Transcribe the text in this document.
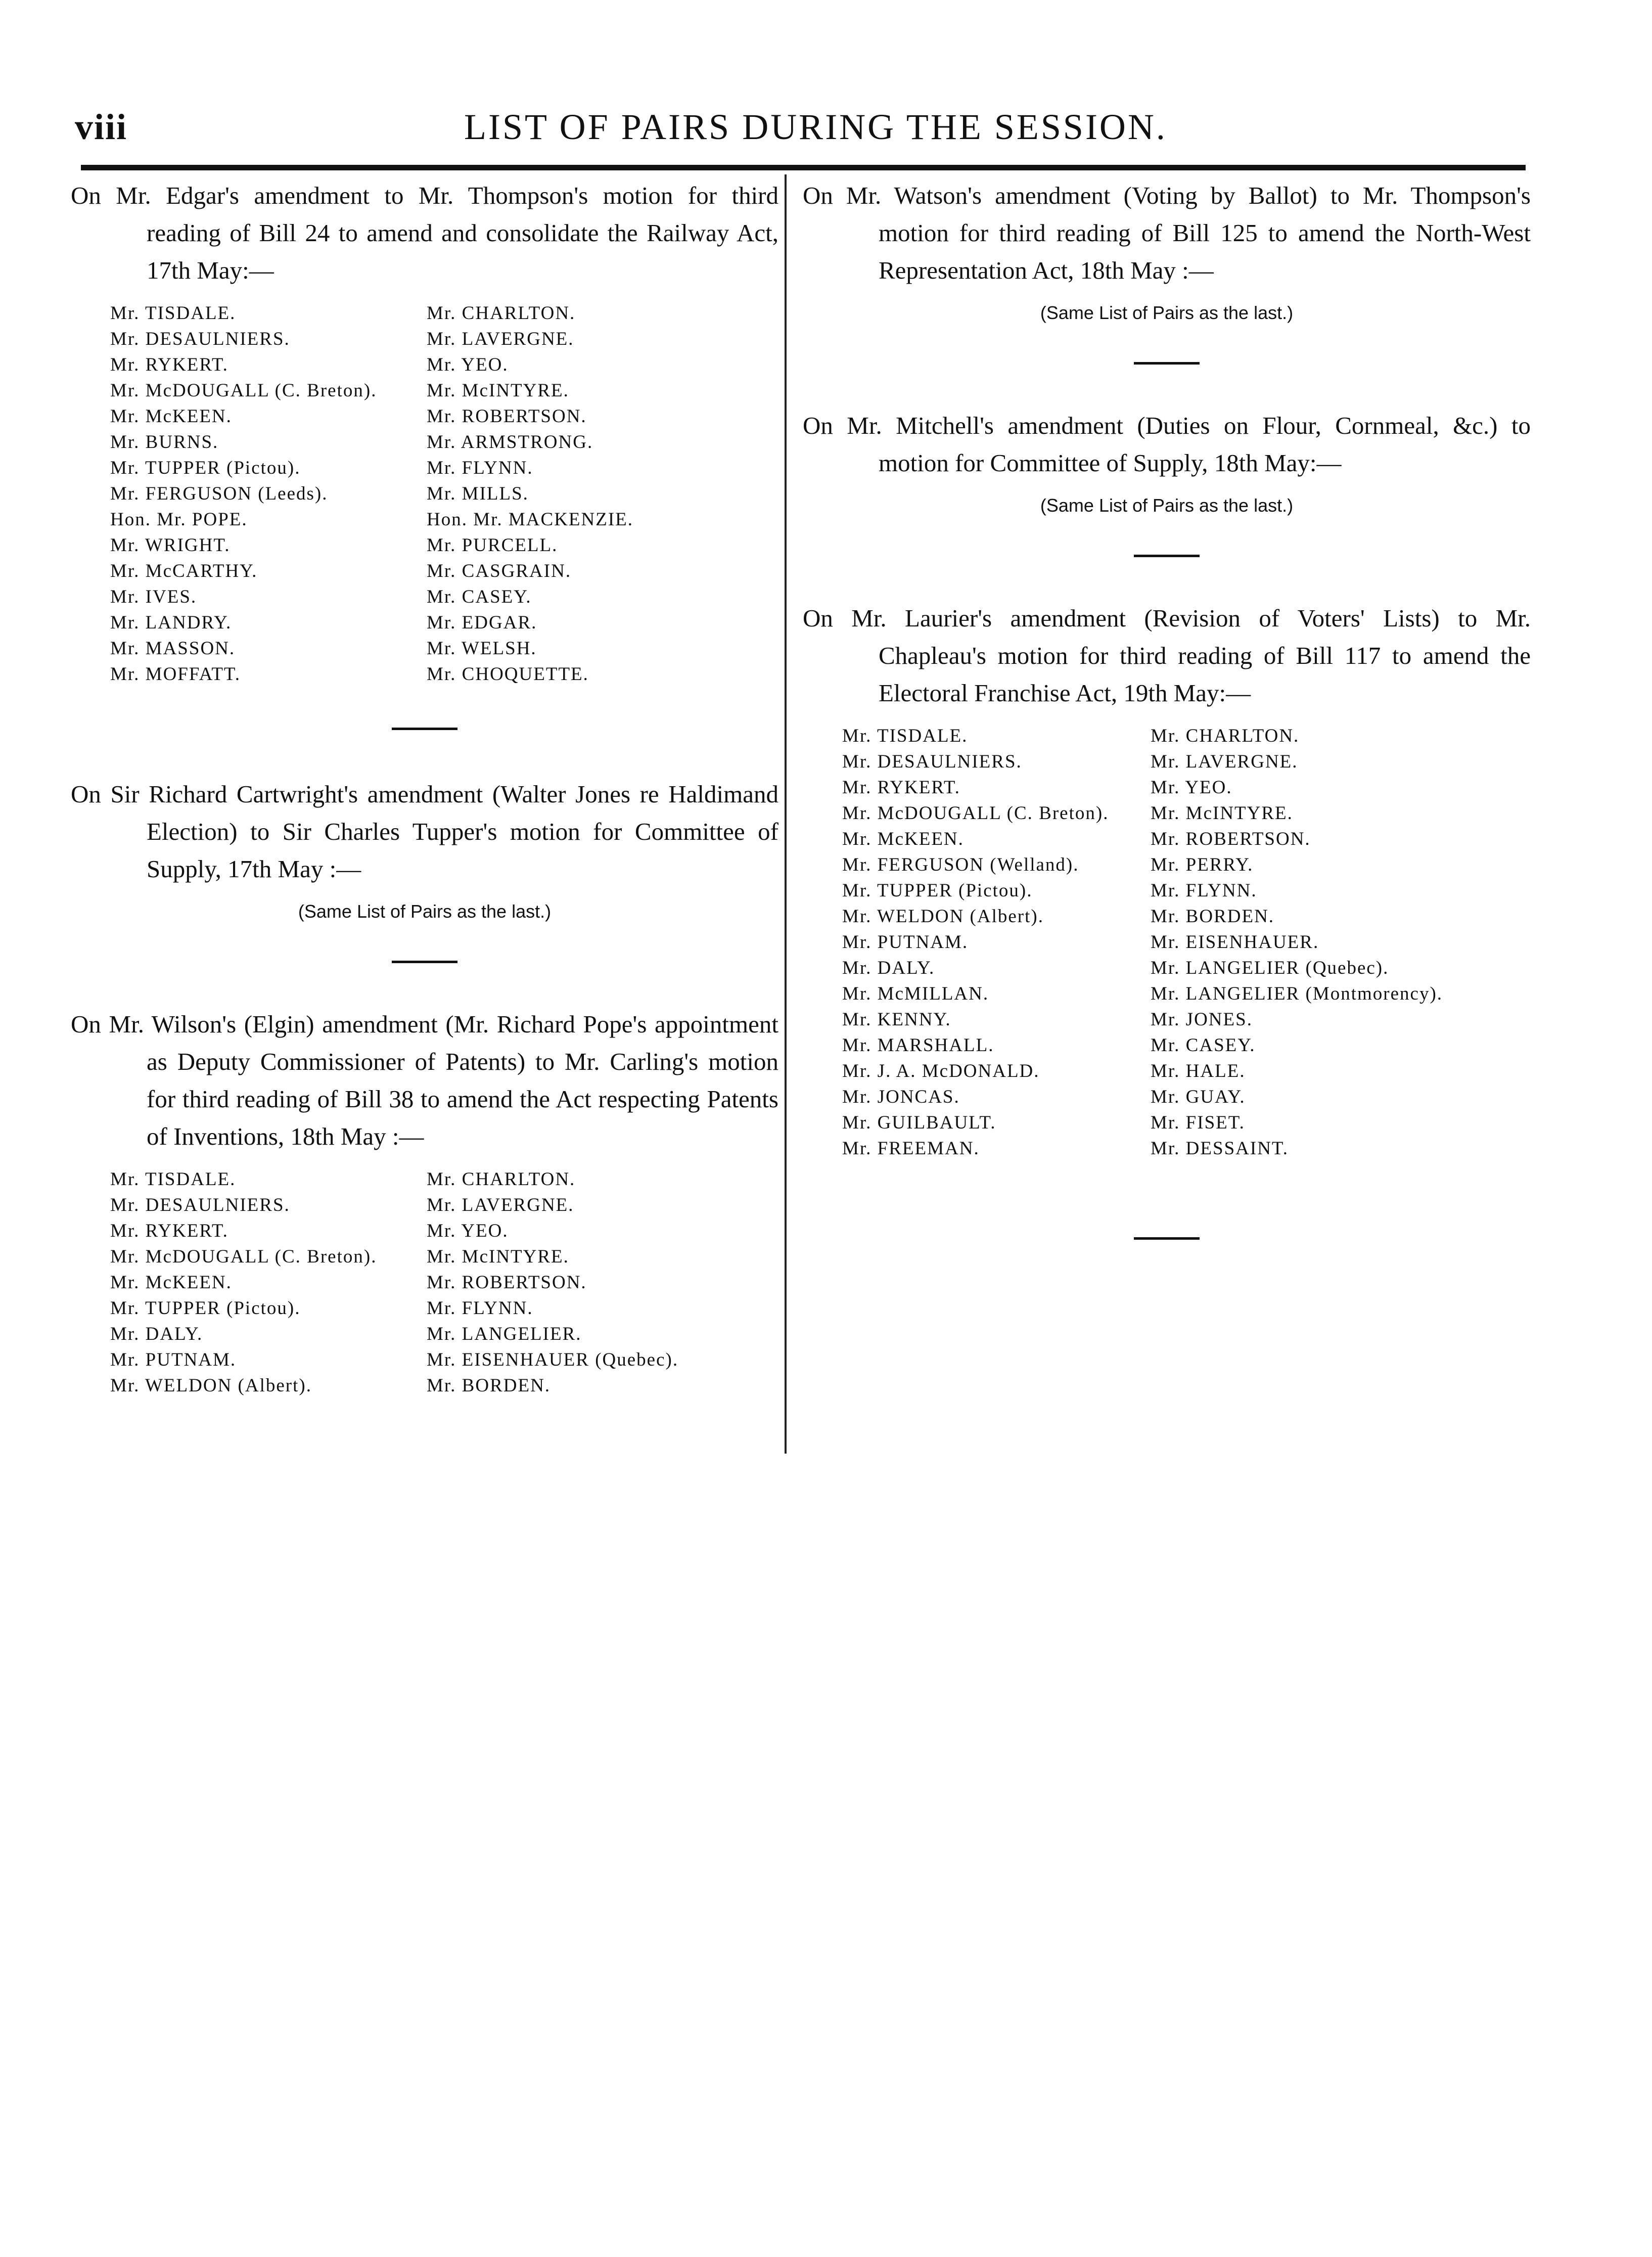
viii	LIST OF PAIRS DURING THE SESSION.

On Mr. Edgar's amendment to Mr. Thompson's motion for third reading of Bill 24 to amend and consolidate the Railway Act, 17th May:—

Mr. TISDALE.	Mr. CHARLTON.
Mr. DESAULNIERS.	Mr. LAVERGNE.
Mr. RYKERT.	Mr. YEO.
Mr. McDOUGALL (C. Breton).	Mr. McINTYRE.
Mr. McKEEN.	Mr. ROBERTSON.
Mr. BURNS.	Mr. ARMSTRONG.
Mr. TUPPER (Pictou).	Mr. FLYNN.
Mr. FERGUSON (Leeds).	Mr. MILLS.
Hon. Mr. POPE.	Hon. Mr. MACKENZIE.
Mr. WRIGHT.	Mr. PURCELL.
Mr. McCARTHY.	Mr. CASGRAIN.
Mr. IVES.	Mr. CASEY.
Mr. LANDRY.	Mr. EDGAR.
Mr. MASSON.	Mr. WELSH.
Mr. MOFFATT.	Mr. CHOQUETTE.

On Sir Richard Cartwright's amendment (Walter Jones re Haldimand Election) to Sir Charles Tupper's motion for Committee of Supply, 17th May :—

(Same List of Pairs as the last.)

On Mr. Wilson's (Elgin) amendment (Mr. Richard Pope's appointment as Deputy Commissioner of Patents) to Mr. Carling's motion for third reading of Bill 38 to amend the Act respecting Patents of Inventions, 18th May :—

Mr. TISDALE.	Mr. CHARLTON.
Mr. DESAULNIERS.	Mr. LAVERGNE.
Mr. RYKERT.	Mr. YEO.
Mr. McDOUGALL (C. Breton).	Mr. McINTYRE.
Mr. McKEEN.	Mr. ROBERTSON.
Mr. TUPPER (Pictou).	Mr. FLYNN.
Mr. DALY.	Mr. LANGELIER.
Mr. PUTNAM.	Mr. EISENHAUER (Quebec).
Mr. WELDON (Albert).	Mr. BORDEN.

On Mr. Watson's amendment (Voting by Ballot) to Mr. Thompson's motion for third reading of Bill 125 to amend the North-West Representation Act, 18th May :—

(Same List of Pairs as the last.)

On Mr. Mitchell's amendment (Duties on Flour, Cornmeal, &c.) to motion for Committee of Supply, 18th May:—

(Same List of Pairs as the last.)

On Mr. Laurier's amendment (Revision of Voters' Lists) to Mr. Chapleau's motion for third reading of Bill 117 to amend the Electoral Franchise Act, 19th May:—

Mr. TISDALE.	Mr. CHARLTON.
Mr. DESAULNIERS.	Mr. LAVERGNE.
Mr. RYKERT.	Mr. YEO.
Mr. McDOUGALL (C. Breton).	Mr. McINTYRE.
Mr. McKEEN.	Mr. ROBERTSON.
Mr. FERGUSON (Welland).	Mr. PERRY.
Mr. TUPPER (Pictou).	Mr. FLYNN.
Mr. WELDON (Albert).	Mr. BORDEN.
Mr. PUTNAM.	Mr. EISENHAUER.
Mr. DALY.	Mr. LANGELIER (Quebec).
Mr. McMILLAN.	Mr. LANGELIER (Montmorency).
Mr. KENNY.	Mr. JONES.
Mr. MARSHALL.	Mr. CASEY.
Mr. J. A. McDONALD.	Mr. HALE.
Mr. JONCAS.	Mr. GUAY.
Mr. GUILBAULT.	Mr. FISET.
Mr. FREEMAN.	Mr. DESSAINT.
